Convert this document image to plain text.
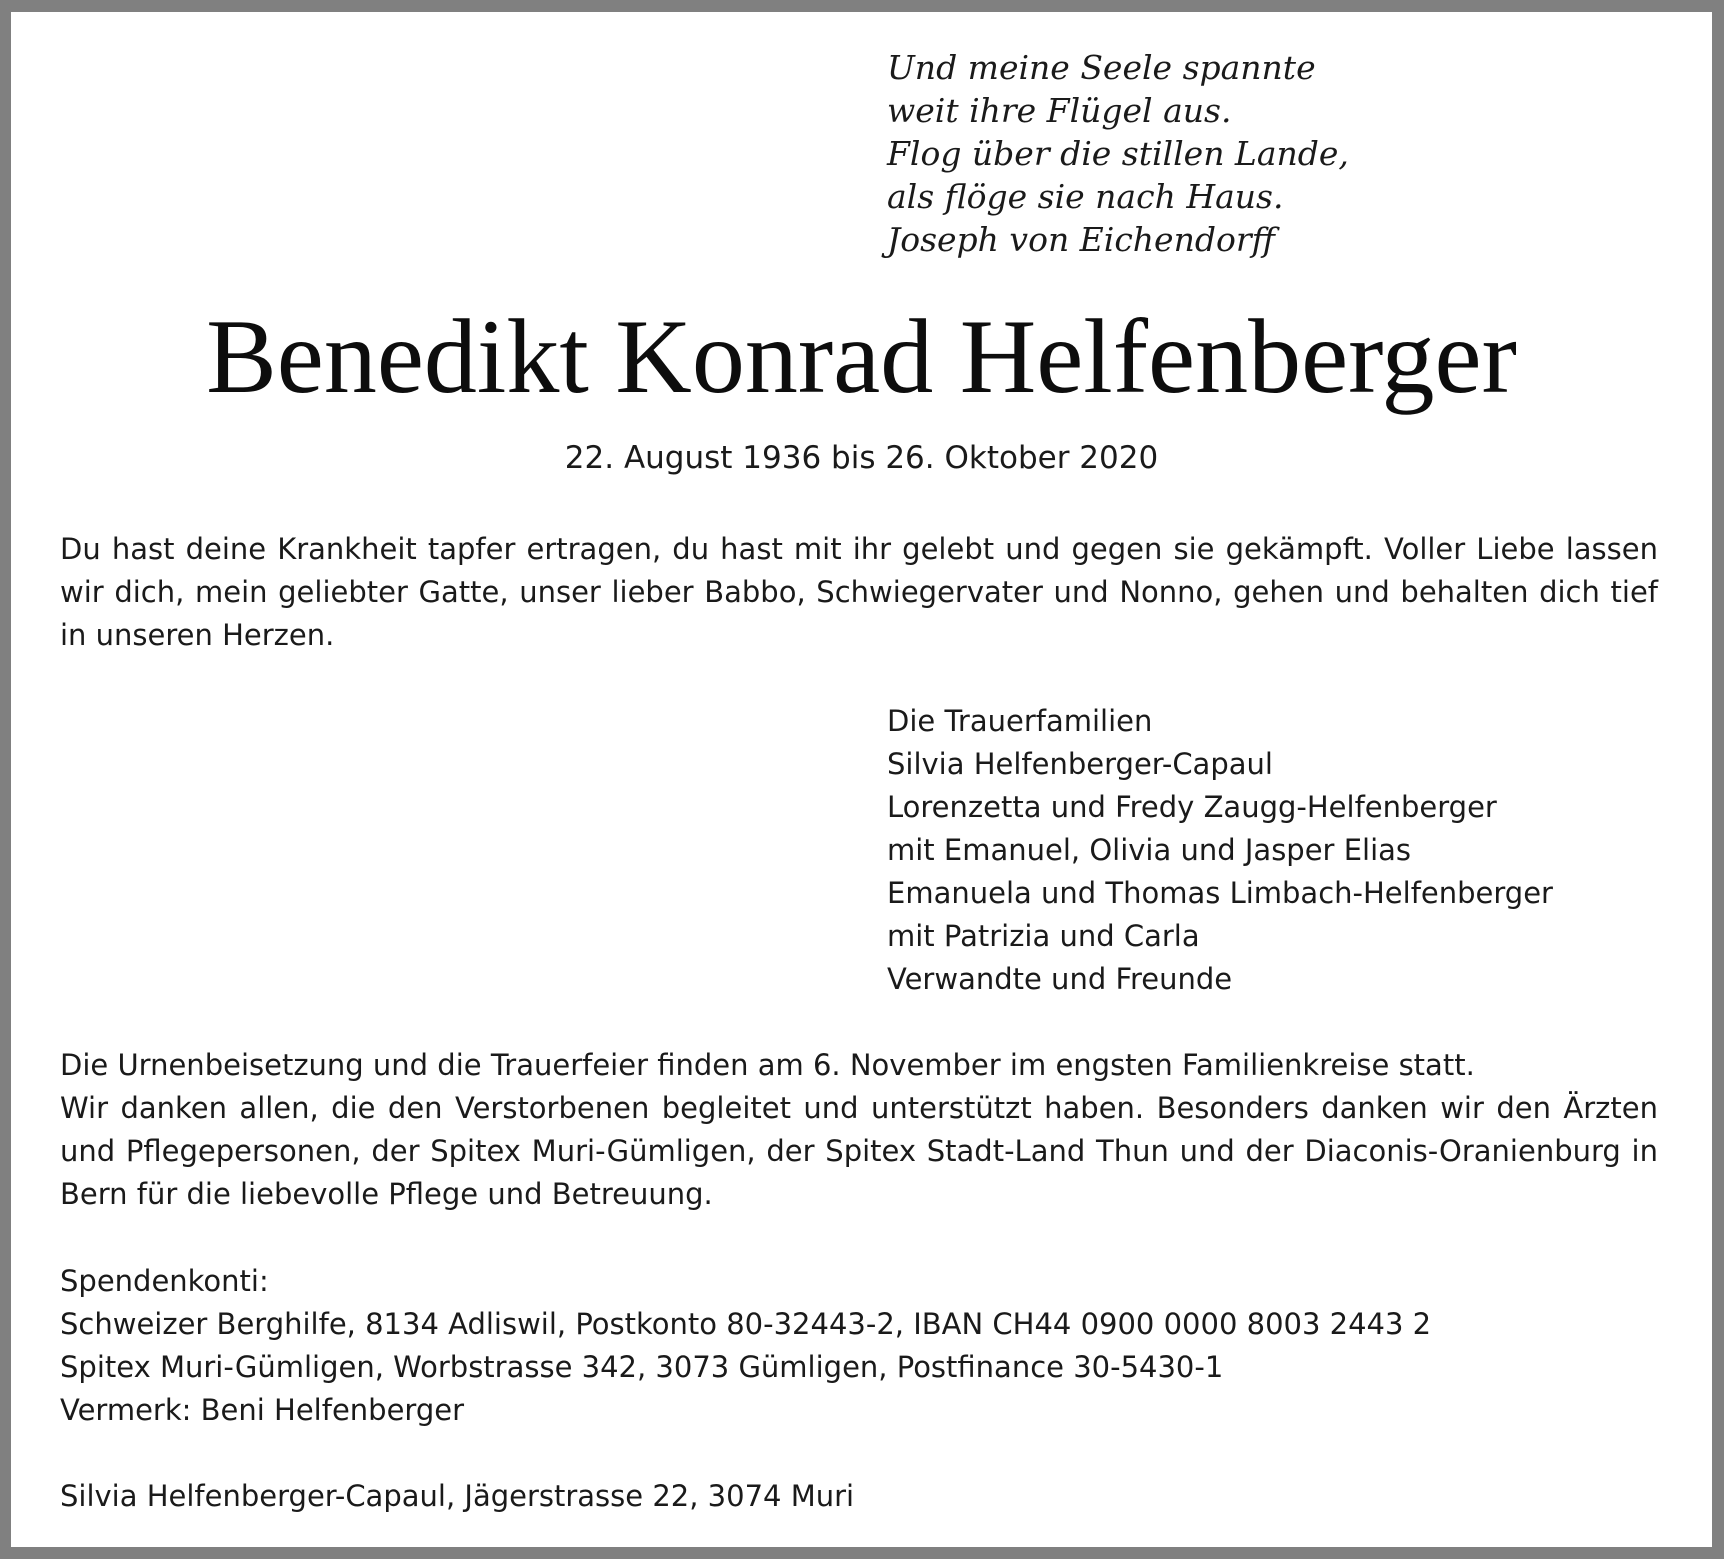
Und meine Seele spannte
weit ihre Flügel aus.
Flog über die stillen Lande,
als flöge sie nach Haus.
Joseph von Eichendorff
Benedikt Konrad Helfenberger
22. August 1936 bis 26. Oktober 2020
Du hast deine Krankheit tapfer ertragen, du hast mit ihr gelebt und gegen sie gekämpft. Voller Liebe lassen wir dich, mein geliebter Gatte, unser lieber Babbo, Schwiegervater und Nonno, gehen und behalten dich tief in unseren Herzen.
Die Trauerfamilien
Silvia Helfenberger-Capaul
Lorenzetta und Fredy Zaugg-Helfenberger
mit Emanuel, Olivia und Jasper Elias
Emanuela und Thomas Limbach-Helfenberger
mit Patrizia und Carla
Verwandte und Freunde
Die Urnenbeisetzung und die Trauerfeier finden am 6. November im engsten Familienkreise statt.
Wir danken allen, die den Verstorbenen begleitet und unterstützt haben. Besonders danken wir den Ärzten und Pflegepersonen, der Spitex Muri-Gümligen, der Spitex Stadt-Land Thun und der Diaconis-Oranienburg in Bern für die liebevolle Pflege und Betreuung.
Spendenkonti:
Schweizer Berghilfe, 8134 Adliswil, Postkonto 80-32443-2, IBAN CH44 0900 0000 8003 2443 2
Spitex Muri-Gümligen, Worbstrasse 342, 3073 Gümligen, Postfinance 30-5430-1
Vermerk: Beni Helfenberger
Silvia Helfenberger-Capaul, Jägerstrasse 22, 3074 Muri
